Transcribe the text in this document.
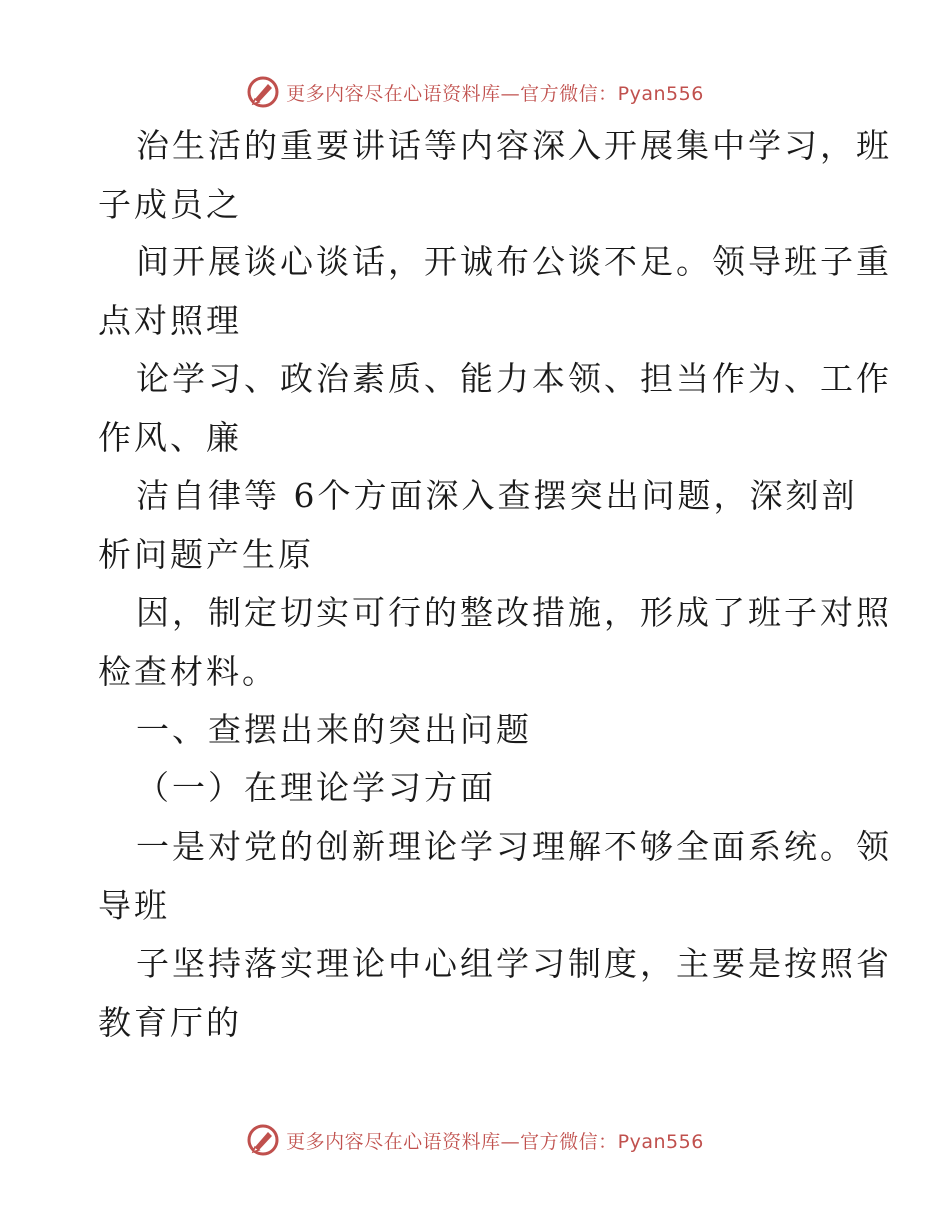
更多内容尽在心语资料库—官方微信：Pyan556
治生活的重要讲话等内容深入开展集中学习，班
子成员之
间开展谈心谈话，开诚布公谈不足。领导班子重
点对照理
论学习、政治素质、能力本领、担当作为、工作
作风、廉
洁自律等 6个方面深入查摆突出问题，深刻剖
析问题产生原
因，制定切实可行的整改措施，形成了班子对照
检查材料。
一、查摆出来的突出问题
（一）在理论学习方面
一是对党的创新理论学习理解不够全面系统。领
导班
子坚持落实理论中心组学习制度，主要是按照省
教育厅的
更多内容尽在心语资料库—官方微信：Pyan556
